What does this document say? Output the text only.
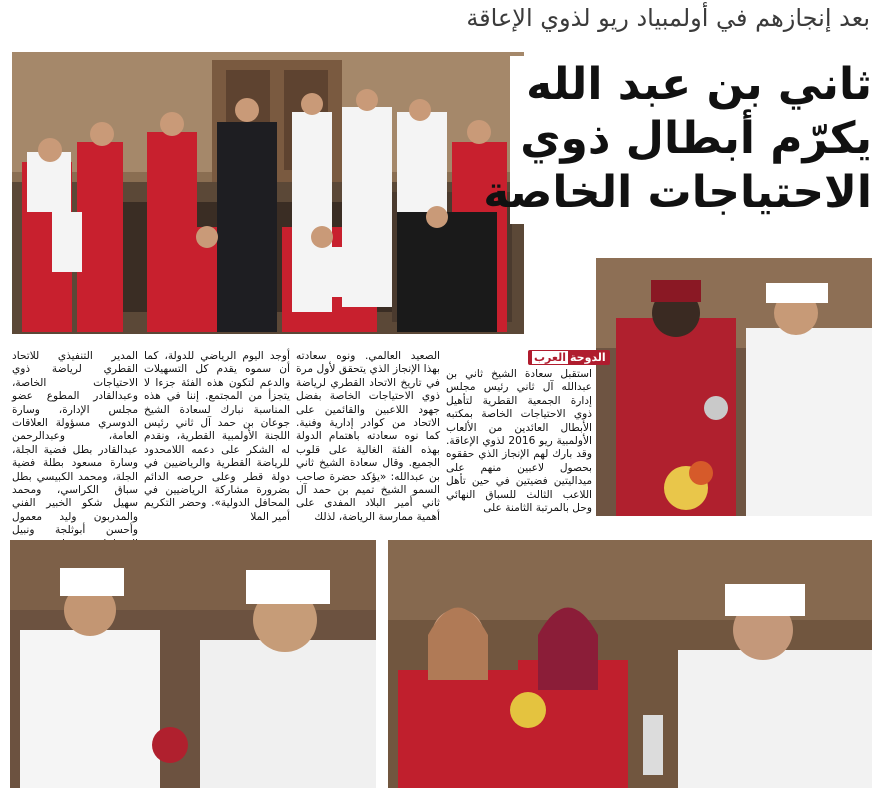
بعد إنجازهم في أولمبياد ريو لذوي الإعاقة
ثاني بن عبد الله
يكرّم أبطال ذوي
الاحتياجات الخاصة
الدوحةالعرب
استقبل سعادة الشيخ ثاني بن عبدالله آل ثاني رئيس مجلس إدارة الجمعية القطرية لتأهيل ذوي الاحتياجات الخاصة بمكتبه الأبطال العائدين من الألعاب الأولمبية ريو 2016 لذوي الإعاقة. وقد بارك لهم الإنجاز الذي حققوه بحصول لاعبين منهم على ميداليتين فضيتين في حين تأهل اللاعب الثالث للسباق النهائي وحل بالمرتبة الثامنة على
الصعيد العالمي. ونوه سعادته بهذا الإنجاز الذي يتحقق لأول مرة في تاريخ الاتحاد القطري لرياضة ذوي الاحتياجات الخاصة بفضل جهود اللاعبين والقائمين على الاتحاد من كوادر إدارية وفنية. كما نوه سعادته باهتمام الدولة بهذه الفئة الغالية على قلوب الجميع. وقال سعادة الشيخ ثاني بن عبدالله: «يؤكد حضرة صاحب السمو الشيخ تميم بن حمد آل ثاني أمير البلاد المفدى على أهمية ممارسة الرياضة، لذلك
أوجد اليوم الرياضي للدولة، كما أن سموه يقدم كل التسهيلات والدعم لتكون هذه الفئة جزءا لا يتجزأ من المجتمع. إننا في هذه المناسبة نبارك لسعادة الشيخ جوعان بن حمد آل ثاني رئيس اللجنة الأولمبية القطرية، ونقدم له الشكر على دعمه اللامحدود للرياضة القطرية والرياضيين في دولة قطر وعلى حرصه الدائم بضرورة مشاركة الرياضيين في المحافل الدولية». وحضر التكريم أمير الملا
المدير التنفيذي للاتحاد القطري لرياضة ذوي الاحتياجات الخاصة، وعبدالقادر المطوع عضو مجلس الإدارة، وسارة الدوسري مسؤولة العلاقات العامة، وعبدالرحمن عبدالقادر بطل فضية الجلة، وسارة مسعود بطلة فضية الجلة، ومحمد الكبيسي بطل سباق الكراسي، ومحمد سهيل شكو الخبير الفني والمدربون وليد معمول وأحسن أبوثلجة ونبيل
